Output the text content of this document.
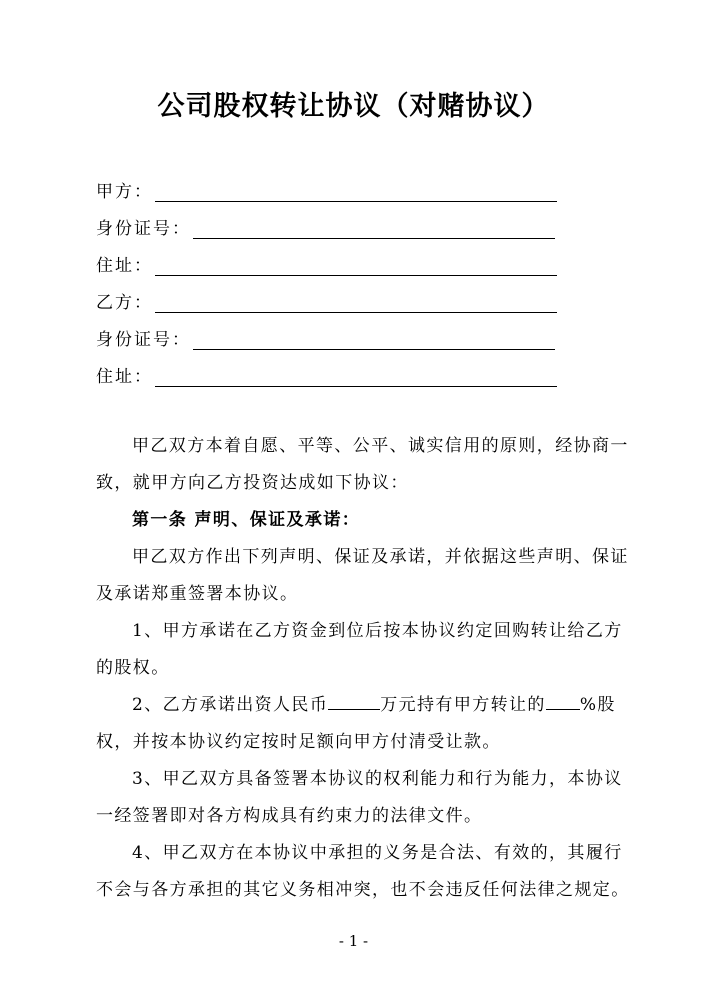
公司股权转让协议（对赌协议）
甲方：
身份证号：
住址：
乙方：
身份证号：
住址：

甲乙双方本着自愿、平等、公平、诚实信用的原则，经协商一致，就甲方向乙方投资达成如下协议：

第一条 声明、保证及承诺：

甲乙双方作出下列声明、保证及承诺，并依据这些声明、保证及承诺郑重签署本协议。

1、甲方承诺在乙方资金到位后按本协议约定回购转让给乙方的股权。

2、乙方承诺出资人民币	万元持有甲方转让的 %股权，并按本协议约定按时足额向甲方付清受让款。

3、甲乙双方具备签署本协议的权利能力和行为能力，本协议一经签署即对各方构成具有约束力的法律文件。

4、甲乙双方在本协议中承担的义务是合法、有效的，其履行不会与各方承担的其它义务相冲突，也不会违反任何法律之规定。

- 1 -
